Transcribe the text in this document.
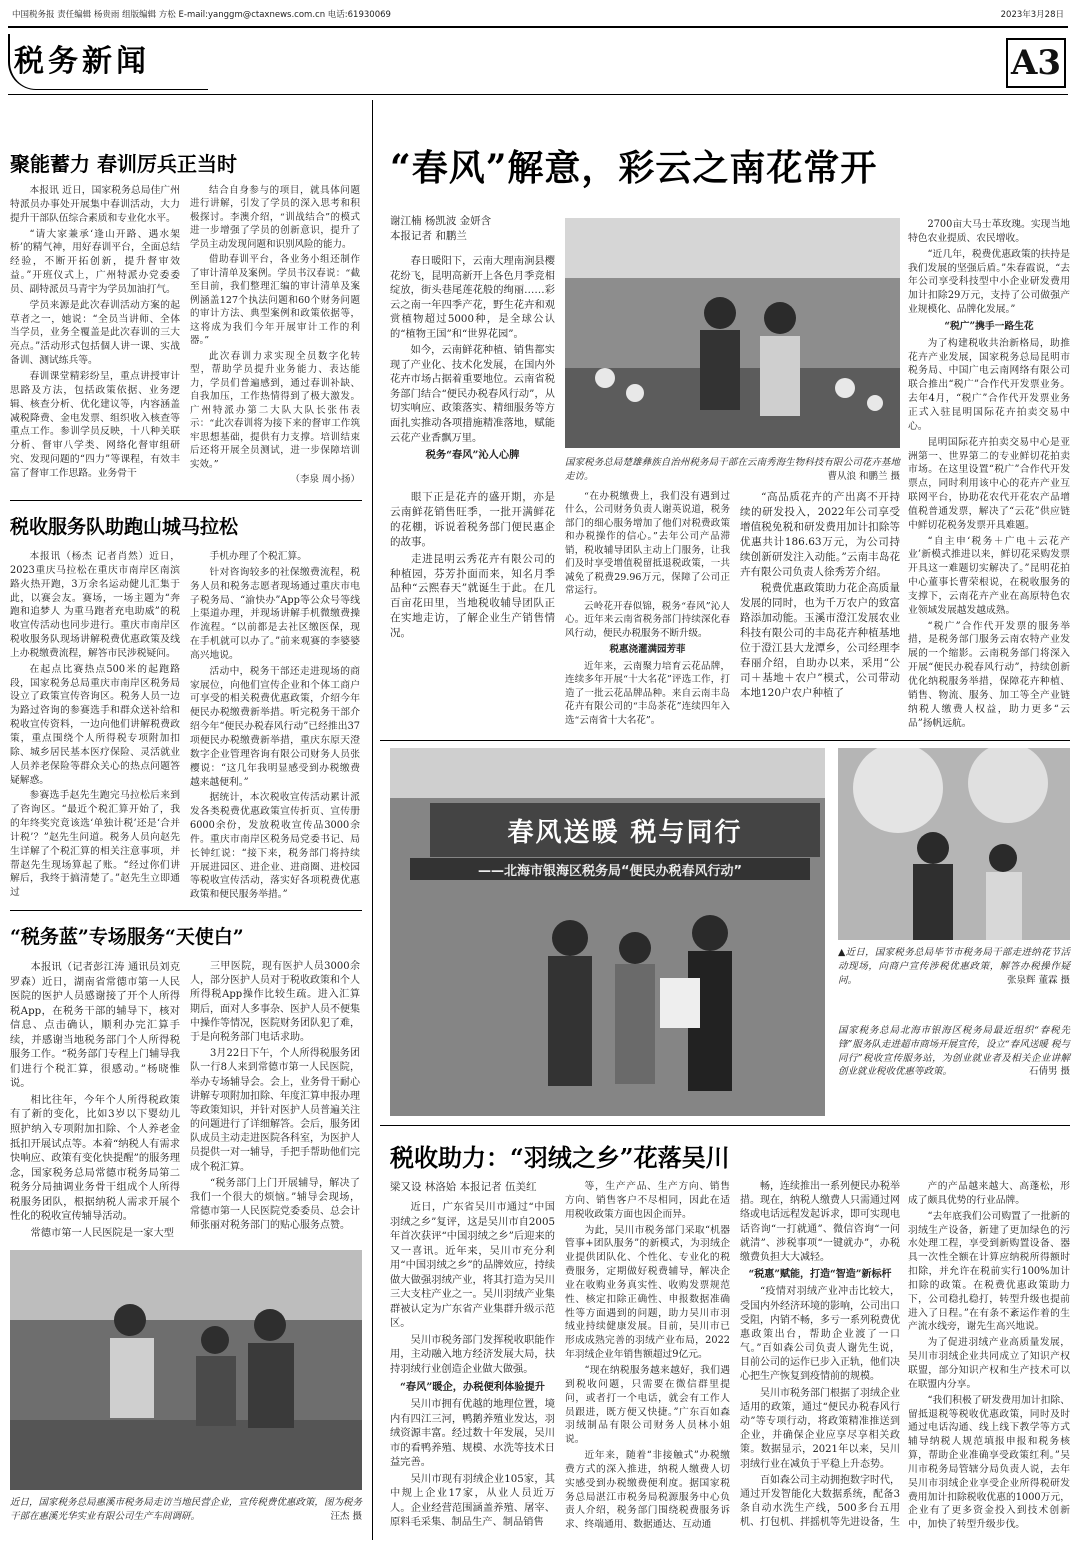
中国税务报 责任编辑 杨贵雨 组版编辑 方松 E-mail:yanggm@ctaxnews.com.cn 电话:61930069	2023年3月28日
税务新闻	A3
聚能蓄力 春训厉兵正当时

本报讯 近日，国家税务总局佳广州特派员办事处开展集中春训活动，大力提升干部队伍综合素质和专业化水平。

“请大家兼承‘逢山开路、遇水架桥’的精气神，用好春训平台，全面总结经验，不断开拓创新，提升督审效益。”开班仪式上，广州特派办党委委员、副特派员马青宇为学员加油打气。

学员来源是此次春训活动方案的起草者之一，她说：“全员当讲师、全体当学员，业务全覆盖是此次春训的三大亮点。”活动形式包括個人讲一课、实战备训、测试练兵等。

春训课堂精彩纷呈，重点讲授审计思路及方法，包括政策依据、业务逻辑、核查分析、优化建议等，内容涵盖减税降费、金电发票、组织收入核查等重点工作。参训学员反映，十八种关联分析、督审八学类、网络化督审组研究、发现问题的“四力”等课程，有效丰富了督审工作思路。业务骨干

结合自身参与的项目，就具体问题进行讲解，引发了学员的深入思考和积极探讨。李澳介绍，“训战结合”的模式进一步增强了学员的创新意识，提升了学员主动发现问题和识别风险的能力。

借助春训平台，各业务小组还制作了审计清单及案例。学员书汉春说：“截至目前，我们整理汇编的审计清单及案例涵盖127个执法问题和60个财务问题的审计方法、典型案例和政策依据等，这将成为我们今年开展审计工作的利器。”

此次春训力求实现全员数字化转型，帮助学员提升业务能力、表达能力，学员们普遍感到，通过春训补缺、自我加压，工作热情得到了极大激发。广州特派办第二大队大队长张伟表示：“此次春训将为接下来的督审工作筑牢思想基础，提供有力支撑。培训结束后还将开展全员测试，进一步保障培训实效。”

（李泉 周小扬）

税收服务队助跑山城马拉松

本报讯（杨杰 记者肖然）近日，2023重庆马拉松在重庆市南岸区南滨路火热开跑，3万余名运动健儿汇集于此，以赛会友。赛场，一场主题为“奔跑和追梦人 为重马跑者充电助威”的税收宣传活动也同步进行。重庆市南岸区税收服务队现场讲解税费优惠政策及线上办税缴费流程，解答市民涉税疑问。

在起点比赛热点500米的起跑路段，国家税务总局重庆市南岸区税务局设立了政策宣传咨询区。税务人员一边为路过咨询的参赛选手和群众送补给和税收宣传资料，一边向他们讲解税费政策，重点围绕个人所得税专项附加扣除、城乡居民基本医疗保险、灵活就业人员养老保险等群众关心的热点问题答疑解惑。

参赛选手赵先生跑完马拉松后来到了咨询区。“最近个税汇算开始了，我的年终奖究竟该选‘单独计税’还是‘合并计税’？”赵先生问道。税务人员向赵先生详解了个税汇算的相关注意事项，并帮赵先生现场算起了账。“经过你们讲解后，我终于搞清楚了。”赵先生立即通过

手机办理了个税汇算。

针对咨询较多的社保缴费流程，税务人员和税务志愿者现场通过重庆市电子税务局、“渝快办”App等公众号等线上渠道办理，并现场讲解手机微缴费操作流程。“以前都是去社区缴医保，现在手机就可以办了。”前来观赛的李婆婆高兴地说。

活动中，税务干部还走进现场的商家展位，向他们宣传企业和个体工商户可享受的相关税费优惠政策，介绍今年便民办税缴费新举措。听完税务干部介绍今年“便民办税春风行动”已经推出37项便民办税缴费新举措，重庆东原天澄数字企业管理咨询有限公司财务人员张樱说：“这几年我明显感受到办税缴费越来越便利。”

据统计，本次税收宣传活动累计派发各类税费优惠政策宣传折页、宣传册6000余份，发放税收宣传品3000余件。重庆市南岸区税务局党委书记、局长钟红说：“接下来，税务部门将持续开展进园区、进企业、进商圈、进校园等税收宣传活动，落实好各项税费优惠政策和便民服务举措。”

“税务蓝”专场服务“天使白”

本报讯（记者彭江涛 通讯员刘克 罗森）近日，湖南省常德市第一人民医院的医护人员感谢接了开个人所得税App，在税务干部的辅导下，核对信息、点击确认，顺利办完汇算手续，并感谢当地税务部门个人所得税服务工作。“税务部门专程上门辅导我们进行个税汇算，很感动。”杨晓惟说。

相比往年，今年个人所得税政策有了新的变化，比如3岁以下婴幼儿照护纳入专项附加扣除、个人养老金抵扣开展试点等。本着“纳税人有需求快响应、政策有变化快提醒”的服务理念，国家税务总局常德市税务局第二税务分局抽调业务骨干组成个人所得税服务团队，根据纳税人需求开展个性化的税收宣传辅导活动。

常德市第一人民医院是一家大型

三甲医院，现有医护人员3000余人，部分医护人员对于税收政策和个人所得税App操作比较生疏。进入汇算期后，面对人多事杂、医护人员不便集中操作等情况，医院财务团队犯了难，于是向税务部门电话求助。

3月22日下午，个人所得税服务团队一行8人来到常德市第一人民医院，举办专场辅导会。会上，业务骨干耐心讲解专项附加扣除、年度汇算申报办理等政策知识，并针对医护人员普遍关注的问题进行了详细解答。会后，服务团队成员主动走进医院各科室，为医护人员提供一对一辅导，手把手帮助他们完成个税汇算。

“税务部门上门开展辅导，解决了我们一个很大的烦恼。”辅导会现场，常德市第一人民医院党委委员、总会计师张丽对税务部门的贴心服务点赞。

近日，国家税务总局惠溪市税务局走访当地民营企业，宣传税费优惠政策，图为税务干部在惠溪光华实业有限公司生产车间调研。	汪杰 摄
“春风”解意，彩云之南花常开
谢江楠 杨凯波 金妍含
本报记者 和鹏兰

春日暖阳下，云南大理南涧县樱花纷飞，昆明高新开上各色月季竞相绽放，街头巷尾莲花般的绚丽……彩云之南一年四季产花，野生花卉和观赏植物超过5000种，是全球公认的“植物王国”和“世界花园”。

如今，云南鲜花种植、销售都实现了产业化、技术化发展，在国内外花卉市场占据着重要地位。云南省税务部门结合“便民办税春风行动”，从切实响应、政策落实、精细服务等方面扎实推动各项措施精准落地，赋能云花产业香飘万里。

税务“春风”沁人心脾

国家税务总局楚雄彝族自治州税务局干部在云南秀海生物科技有限公司花卉基地走访。	曹从浪 和鹏兰 摄

2700亩大马士革玫瑰。实现当地特色农业提质、农民增收。

“近几年，税费优惠政策的扶持是我们发展的坚强后盾。”朱春霞说，“去年公司享受科技型中小企业研发费用加计扣除29万元，支持了公司做强产业规模化、品牌化发展。”

“税广”携手一路生花

为了构建税收共治新格局，助推花卉产业发展，国家税务总局昆明市税务局、中国广电云南网络有限公司联合推出“税广”合作代开发票业务。去年4月，“税广”合作代开发票业务正式入驻昆明国际花卉拍卖交易中心。

昆明国际花卉拍卖交易中心是亚洲第一、世界第二的专业鲜切花拍卖市场。在这里设置“税广”合作代开发票点，同时利用该中心的花卉产业互联网平台，协助花农代开花农产品增值税普通发票，解决了“云花”供应链中鲜切花税务发票开具难题。

“自主申‘税务＋广电＋云花产业’新模式推进以来，鲜切花采购发票开具这一难题切实解决了。”昆明花拍中心董事长曹荣根说，在税收服务的支撑下，云南花卉产业在高原特色农业领域发展越发越成熟。

“税广”合作代开发票的服务举措，是税务部门服务云南农特产业发展的一个缩影。云南税务部门将深入开展“便民办税春风行动”，持续创新优化纳税服务举措，保障花卉种植、销售、物流、服务、加工等全产业链纳税人缴费人权益，助力更多“云品”扬帆远航。

眼下正是花卉的盛开期，亦是云南鲜花销售旺季，一批开满鲜花的花棚，诉说着税务部门便民惠企的故事。

走进昆明云秀花卉有限公司的种植园，芬芳扑面而来，知名月季品种“云熙春天”就诞生于此。在几百亩花田里，当地税收辅导团队正在实地走访，了解企业生产销售情况。

“在办税缴费上，我们没有遇到过什么，公司财务负责人谢英说道，税务部门的细心服务增加了他们对税费政策和办税操作的信心。”去年公司产品滞销，税收辅导团队主动上门服务，让我们及时享受增值税留抵退税政策，一共减免了税费29.96万元，保障了公司正常运行。

云岭花开春似锦，税务“春风”沁人心。近年来云南省税务部门持续深化春风行动，便民办税服务不断升级。

税惠浇灌满园芳菲

近年来，云南聚力培育云花品牌，连续多年开展“十大名花”评选工作，打造了一批云花品牌品种。来自云南丰岛花卉有限公司的“丰岛茶花”连续四年入选“云南省十大名花”。

“高品质花卉的产出离不开持续的研发投入，2022年公司享受增值税免税和研发费用加计扣除等优惠共计186.63万元，为公司持续创新研发注入动能。”云南丰岛花卉有限公司负责人徐秀芳介绍。

税费优惠政策助力花企高质量发展的同时，也为千万农户的致富路添加动能。玉溪市澄江发展农业科技有限公司的丰岛花卉种植基地位于澄江县大龙潭乡，公司经理李春丽介绍，自助办以来，采用“公司＋基地＋农户”模式，公司带动本地120户农户种植了

春风送暖 税与同行
——北海市银海区税务局“便民办税春风行动”
▲近日，国家税务总局毕节市税务局干部走进纳花节活动现场，向商户宣传涉税优惠政策，解答办税操作疑问。	张泉辉 董霖 摄
国家税务总局北海市银海区税务局最近组织“春税先锋”服务队走进超市商场开展宣传，设立“春风送暖 税与同行”税收宣传服务站，为创业就业者及相关企业讲解创业就业税收优惠等政策。	石倩男 摄
税收助力：“羽绒之乡”花落吴川
梁又设 林洛姶 本报记者 伍美红

近日，广东省吴川市通过“中国羽绒之乡”复评，这是吴川市自2005年首次获评“中国羽绒之乡”后迎来的又一喜讯。近年来，吴川市充分利用“中国羽绒之乡”的品牌效应，持续做大做强羽绒产业，将其打造为吴川三大支柱产业之一。吴川羽绒产业集群被认定为广东省产业集群升级示范区。

吴川市税务部门发挥税收职能作用，主动融入地方经济发展大局，扶持羽绒行业创造企业做大做强。

“春风”暖企，办税便利体验提升

吴川市拥有优越的地理位置，境内有四江三河，鸭鹅养殖业发达，羽绒资源丰富。经过数十年发展，吴川市的看鸭养殖、规模、水洗等技术日益完善。

吴川市现有羽绒企业105家，其中规上企业17家，从业人员近万人。企业经营范围涵盖养殖、屠宰、原料毛采集、制品生产、制品销售

等，生产产品、生产方向、销售方向、销售客户不尽相同，因此在适用税收政策方面也因企而异。

为此，吴川市税务部门采取“机器管事+团队服务”的新模式，为羽绒企业提供团队化、个性化、专业化的税费服务，定期做好税费辅导，解决企业在收购业务真实性、收购发票规范性、核定扣除正确性、申报数据准确性等方面遇到的问题，助力吴川市羽绒业持续健康发展。目前，吴川市已形成成熟完善的羽绒产业布局，2022年羽绒企业年销售额超过9亿元。

“现在纳税服务越来越好，我们遇到税收问题，只需要在微信群里提问，或者打一个电话，就会有工作人员跟进，既方便又快捷。”广东百如森羽绒制品有限公司财务人员林小姐说。

近年来，随着“非接触式”办税缴费方式的深入推进，纳税人缴费人切实感受到办税缴费便利度。据国家税务总局湛江市税务局税源服务中心负责人介绍，税务部门围绕税费服务诉求、终端通用、数据通达、互动通

畅，连续推出一系列便民办税举措。现在，纳税人缴费人只需通过网络或电话远程发起诉求，即可实现电话咨询“一打就通”、微信咨询“一问就清”、涉税事项“一键就办”，办税缴费负担大大减轻。

“税惠”赋能，打造“智造”新标杆

“疫情对羽绒产业冲击比较大，受国内外经济环境的影响，公司出口受阻，内销不畅，多亏一系列税费优惠政策出台，帮助企业渡了一口气。”百如森公司负责人谢先生说，目前公司的运作已步入正轨，他们决心把生产恢复到疫情前的规模。

吴川市税务部门根据了羽绒企业适用的政策，通过“便民办税春风行动”等专项行动，将政策精准推送到企业，并确保企业应享尽享相关政策。数据显示，2021年以来，吴川羽绒行业在减负于平稳上升态势。

百如森公司主动拥抱数字时代，通过开发智能化大数据系统，配备3条自动水洗生产线，500多台五用机、打包机、拌摇机等先进设备，生

产的产品越来越大、高蓬松，形成了颇具优势的行业品牌。

“去年底我们公司购置了一批新的羽绒生产设备，新建了更加绿色的污水处理工程，享受到新购置设备、器具一次性全额在计算应纳税所得额时扣除，并允许在税前实行100%加计扣除的政策。在税费优惠政策助力下，公司稳扎稳打，转型升级也提前进入了日程。”在有条不紊运作着的生产流水线旁，谢先生高兴地说。

为了促进羽绒产业高质量发展，吴川市羽绒企业共同成立了知识产权联盟，部分知识产权和生产技术可以在联盟内分享。

“我们积极了研发费用加计扣除、留抵退税等税收优惠政策，同时及时通过电话沟通、线上线下教学等方式辅导纳税人规范填报申报和税务核算，帮助企业准确享受政策红利。”吴川市税务局管辖分局负责人说，去年吴川市羽绒企业享受企业所得税研发费用加计扣除税收优惠的1000万元，企业有了更多资金投入到技术创新中，加快了转型升级步伐。
